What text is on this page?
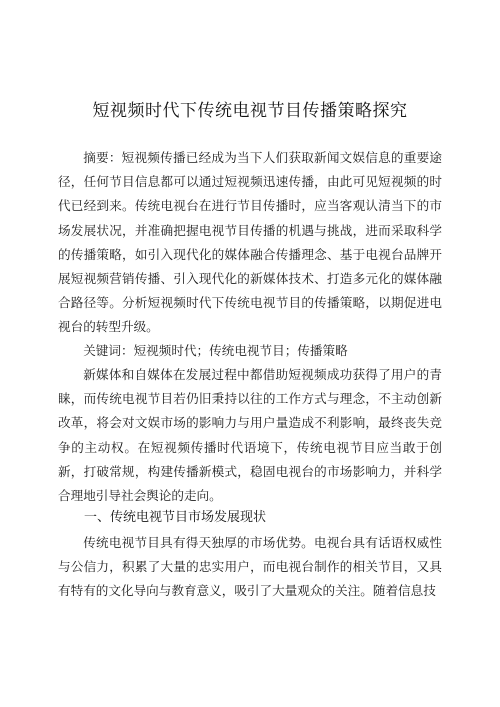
短视频时代下传统电视节目传播策略探究

摘要：短视频传播已经成为当下人们获取新闻文娱信息的重要途径，任何节目信息都可以通过短视频迅速传播，由此可见短视频的时代已经到来。传统电视台在进行节目传播时，应当客观认清当下的市场发展状况，并准确把握电视节目传播的机遇与挑战，进而采取科学的传播策略，如引入现代化的媒体融合传播理念、基于电视台品牌开展短视频营销传播、引入现代化的新媒体技术、打造多元化的媒体融合路径等。分析短视频时代下传统电视节目的传播策略，以期促进电视台的转型升级。

关键词：短视频时代；传统电视节目；传播策略

新媒体和自媒体在发展过程中都借助短视频成功获得了用户的青睐，而传统电视节目若仍旧秉持以往的工作方式与理念，不主动创新改革，将会对文娱市场的影响力与用户量造成不利影响，最终丧失竞争的主动权。在短视频传播时代语境下，传统电视节目应当敢于创新，打破常规，构建传播新模式，稳固电视台的市场影响力，并科学合理地引导社会舆论的走向。

一、传统电视节目市场发展现状

传统电视节目具有得天独厚的市场优势。电视台具有话语权威性与公信力，积累了大量的忠实用户，而电视台制作的相关节目，又具有特有的文化导向与教育意义，吸引了大量观众的关注。随着信息技
